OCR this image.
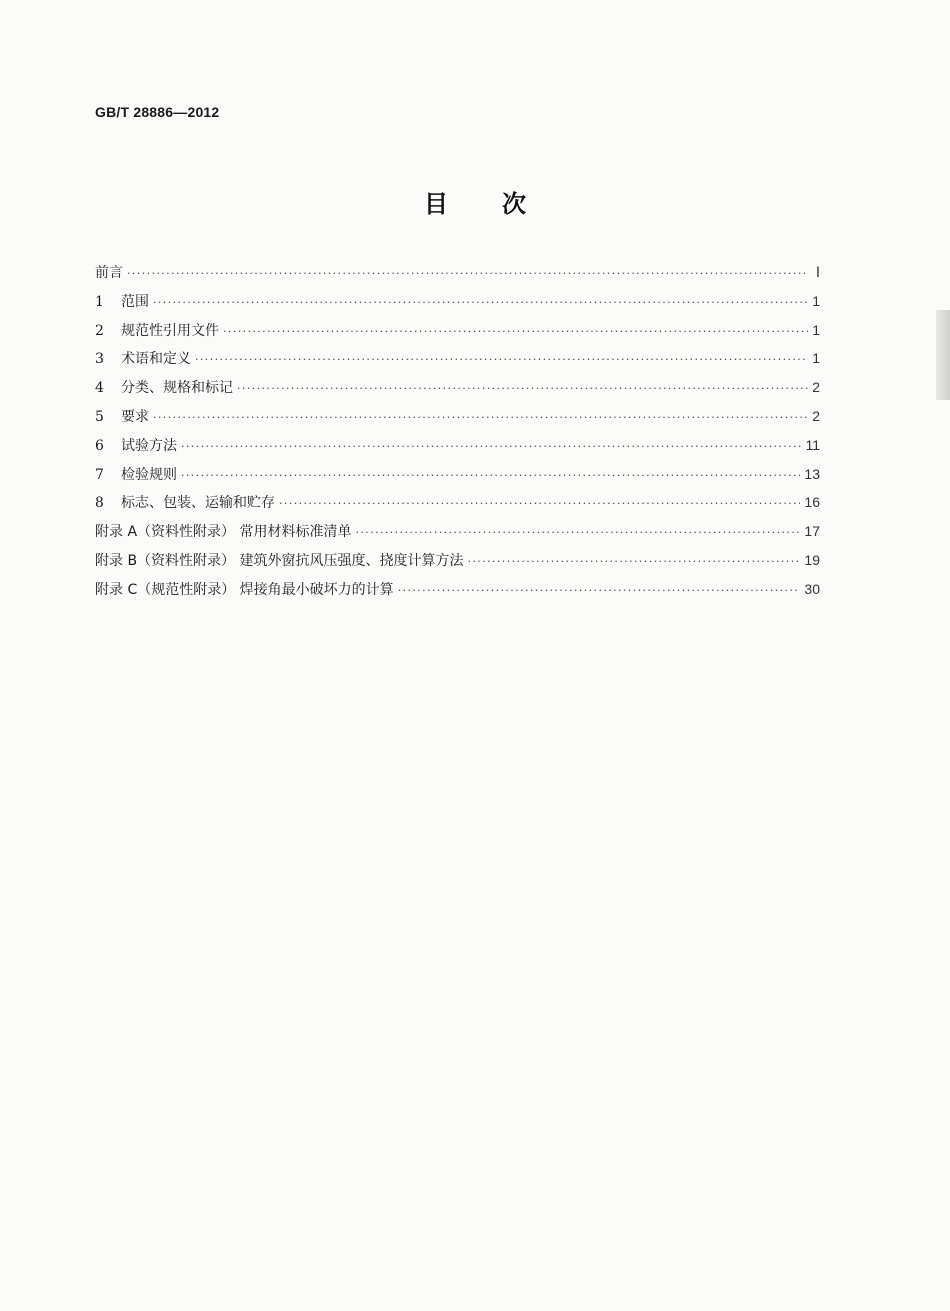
GB/T 28886—2012
目次
前言 ·····	Ⅰ
1 范围 ·····	1
2 规范性引用文件 ·····	1
3 术语和定义 ·····	1
4 分类、规格和标记 ·····	2
5 要求 ·····	2
6 试验方法 ·····	11
7 检验规则 ·····	13
8 标志、包装、运输和贮存 ·····	16
附录 A（资料性附录） 常用材料标准清单 ·····	17
附录 B（资料性附录） 建筑外窗抗风压强度、挠度计算方法 ·····	19
附录 C（规范性附录） 焊接角最小破坏力的计算 ·····	30
